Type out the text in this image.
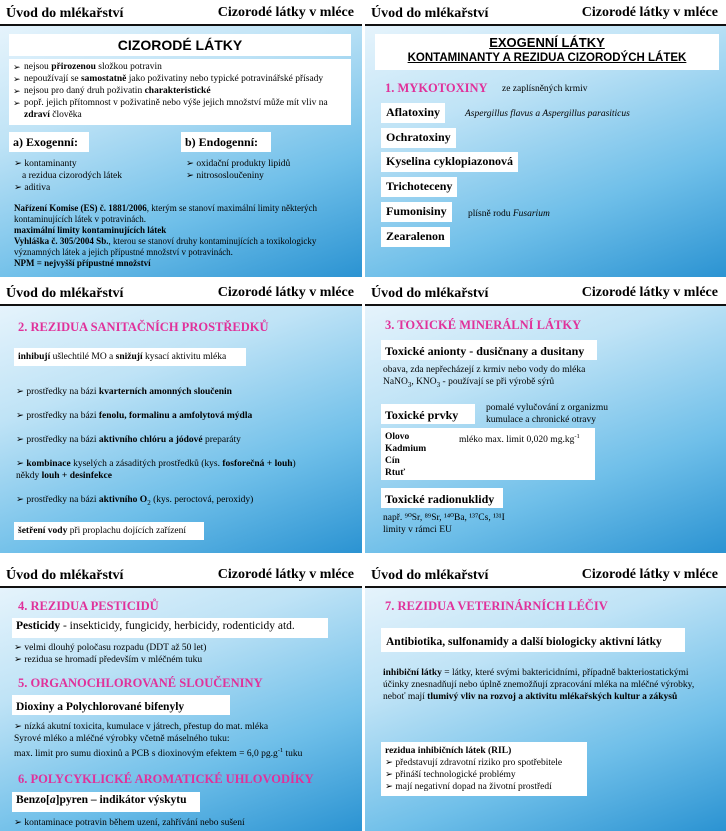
Úvod do mlékařství	Cizorodé látky v mléce
CIZORODÉ LÁTKY
➢ nejsou přirozenou složkou potravin
➢ nepoužívají se samostatně jako poživatiny nebo typické potravinářské přísady
➢ nejsou pro daný druh poživatin charakteristické
➢ popř. jejich přítomnost v poživatině nebo výše jejich množství může mít vliv na zdraví člověka
a) Exogenní:	b) Endogenní:
➢ kontaminanty
a rezidua cizorodých látek
➢ aditiva
➢ oxidační produkty lipidů
➢ nitrososloučeniny
Nařízení Komise (ES) č. 1881/2006, kterým se stanoví maximální limity některých kontaminujících látek v potravinách.
maximální limity kontaminujících látek
Vyhláška č. 305/2004 Sb., kterou se stanoví druhy kontaminujících a toxikologicky významných látek a jejich přípustné množství v potravinách.
NPM = nejvyšší přípustné množství
Úvod do mlékařství	Cizorodé látky v mléce
EXOGENNÍ LÁTKY
KONTAMINANTY A REZIDUA CIZORODÝCH LÁTEK
1. MYKOTOXINY ze zaplísněných krmiv
Aflatoxiny
Ochratoxiny
Kyselina cyklopiazonová
Trichoteceny
Fumonisiny
Zearalenon
Aspergillus flavus a Aspergillus parasiticus
plísně rodu Fusarium
Úvod do mlékařství	Cizorodé látky v mléce
2. REZIDUA SANITAČNÍCH PROSTŘEDKŮ
inhibují ušlechtilé MO a snižují kysací aktivitu mléka
➢ prostředky na bázi kvarterních amonných sloučenin
➢ prostředky na bázi fenolu, formalinu a amfolytová mýdla
➢ prostředky na bázi aktivního chlóru a jódové preparáty
➢ kombinace kyselých a zásaditých prostředků (kys. fosforečná + louh)
někdy louh + desinfekce
➢ prostředky na bázi aktivního $O_2$ (kys. peroctová, peroxidy)
šetření vody při proplachu dojících zařízení
Úvod do mlékařství	Cizorodé látky v mléce
3. TOXICKÉ MINERÁLNÍ LÁTKY
Toxické anionty - dusičnany a dusitany
obava, zda nepřecházejí z krmiv nebo vody do mléka
NaNO$_3$, $KNO_3$ - používají se při výrobě sýrů
Toxické prvky	pomalé vylučování z organizmu kumulace a chronické otravy
Olovo
Kadmium
Cín
Rtuť
mléko max. limit 0,020 $mg.kg^{-1}$
Toxické radionuklidy
např. ⁹⁰Sr, ⁸⁹Sr, ¹⁴⁰Ba, ¹³⁷Cs, ¹³¹I
limity v rámci EU
Úvod do mlékařství	Cizorodé látky v mléce
4. REZIDUA PESTICIDŮ
Pesticidy - insekticidy, fungicidy, herbicidy, rodenticidy atd.
➢ velmi dlouhý poločasu rozpadu (DDT až 50 let)
➢ rezidua se hromadí především v mléčném tuku
5. ORGANOCHLOROVANÉ SLOUČENINY
Dioxiny a Polychlorované bifenyly
➢ nízká akutní toxicita, kumulace v játrech, přestup do mat. mléka
Syrové mléko a mléčné výrobky včetně máselného tuku:
max. limit pro sumu dioxinů a PCB s dioxinovým efektem = 6,0 $pg.g^{-1}$ tuku
6. POLYCYKLICKÉ AROMATICKÉ UHLOVODÍKY
Benzo[a]pyren – indikátor výskytu
➢ kontaminace potravin během uzení, zahřívání nebo sušení
Úvod do mlékařství	Cizorodé látky v mléce
7. REZIDUA VETERINÁRNÍCH LÉČIV
Antibiotika, sulfonamidy a další biologicky aktivní látky
inhibiční látky = látky, které svými baktericidními, případně bakteriostatickými účinky znesnadňují nebo úplně znemožňují zpracování mléka na mléčné výrobky, neboť mají tlumivý vliv na rozvoj a aktivitu mlékařských kultur a zákysů
rezidua inhibičních látek (RIL)
➢ představují zdravotní riziko pro spotřebitele
➢ přináší technologické problémy
➢ mají negativní dopad na životní prostředí
